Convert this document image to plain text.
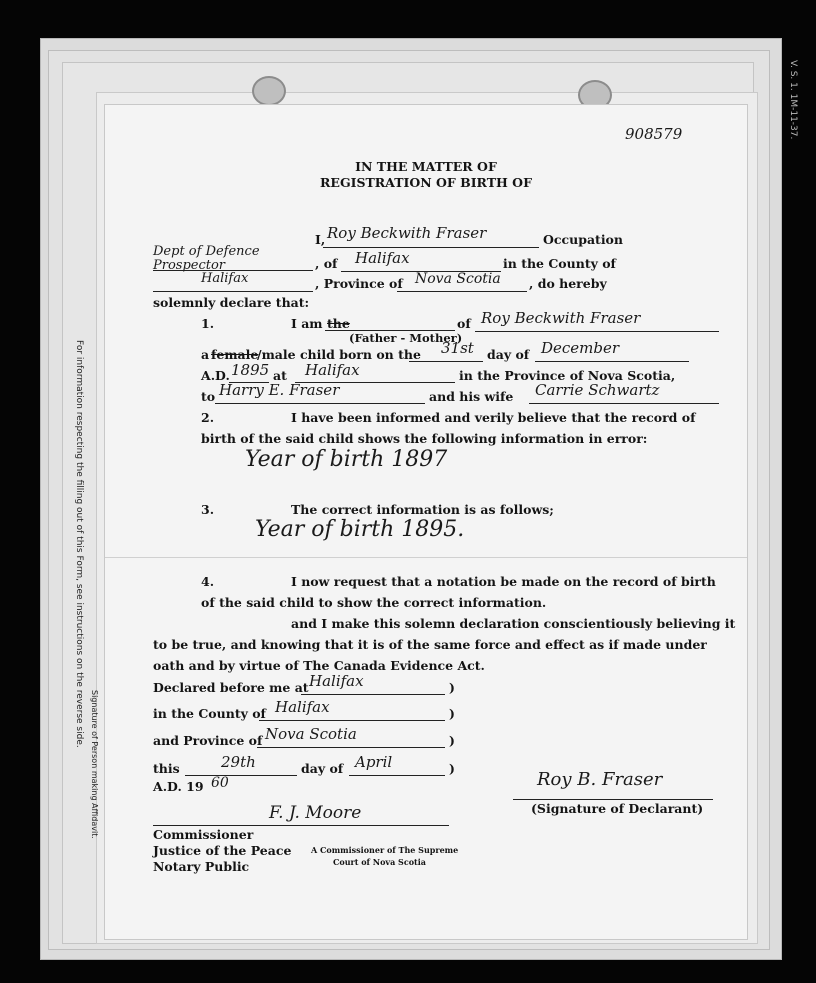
For information respecting the filling out of this Form, see instructions on the reverse side.
Signature of Person making Affidavit.
V. S. 1. 1M-11-37.
908579
IN THE MATTER OF
REGISTRATION OF BIRTH OF
I, Roy Beckwith Fraser	Occupation
Dept of Defence Prospector	, of Halifax	in the County of
Halifax	, Province of Nova Scotia , do hereby
solemnly declare that:
1.	I am the
(Father - Mother)
of Roy Beckwith Fraser
a female
/male child born on the 31st day of December
A.D. 1895 at Halifax	in the Province of Nova Scotia,
to Harry E. Fraser	and his wife Carrie Schwartz
2.	I have been informed and verily believe that the record of
birth of the said child shows the following information in error:
Year of birth 1897
3.	The correct information is as follows;
Year of birth 1895.
4.	I now request that a notation be made on the record of birth
of the said child to show the correct information.
and I make this solemn declaration conscientiously believing it
to be true, and knowing that it is of the same force and effect as if made under
oath and by virtue of The Canada Evidence Act.
Declared before me at Halifax	)
in the County of Halifax	)
and Province of Nova Scotia	)
this	29th	day of April	)
A.D. 19 60	Roy B. Fraser
(Signature of Declarant)
F. J. Moore
Commissioner
Justice of the Peace
Notary Public
A Commissioner of The Supreme
Court of Nova Scotia
